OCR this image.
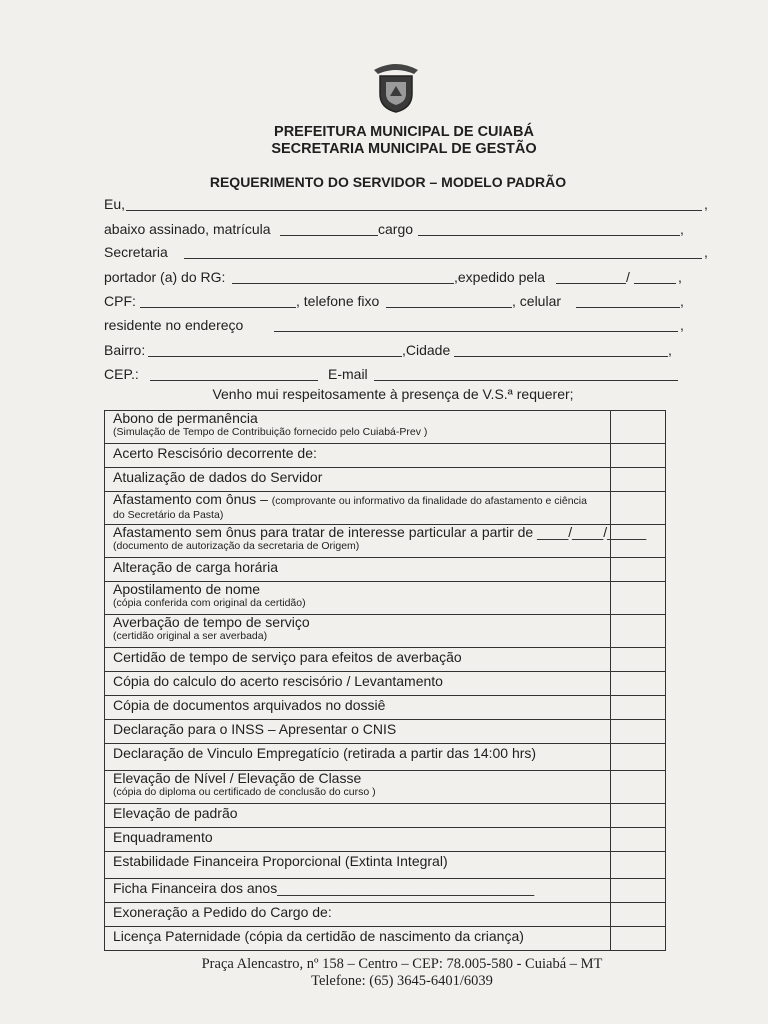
PREFEITURA MUNICIPAL DE CUIABÁ
SECRETARIA MUNICIPAL DE GESTÃO
REQUERIMENTO DO SERVIDOR – MODELO PADRÃO
Eu,	,
abaixo assinado, matrícula	cargo	,
Secretaria	,
portador (a) do RG:	,expedido pela	/	,
CPF:	, telefone fixo	, celular	,
residente no endereço	,
Bairro:	,Cidade	,
CEP.:	E-mail
Venho mui respeitosamente à presença de V.S.ª requerer;
Abono de permanência
(Simulação de Tempo de Contribuição fornecido pelo Cuiabá-Prev )
Acerto Rescisório decorrente de:
Atualização de dados do Servidor
Afastamento com ônus – (comprovante ou informativo da finalidade do afastamento e ciência
do Secretário da Pasta)
Afastamento sem ônus para tratar de interesse particular a partir de ____/____/_____
(documento de autorização da secretaria de Origem)
Alteração de carga horária
Apostilamento de nome
(cópia conferida com original da certidão)
Averbação de tempo de serviço
(certidão original a ser averbada)
Certidão de tempo de serviço para efeitos de averbação
Cópia do calculo do acerto rescisório / Levantamento
Cópia de documentos arquivados no dossiê
Declaração para o INSS – Apresentar o CNIS
Declaração de Vinculo Empregatício (retirada a partir das 14:00 hrs)
Elevação de Nível / Elevação de Classe
(cópia do diploma ou certificado de conclusão do curso )
Elevação de padrão
Enquadramento
Estabilidade Financeira Proporcional (Extinta Integral)
Ficha Financeira dos anos_________________________________
Exoneração a Pedido do Cargo de:
Licença Paternidade (cópia da certidão de nascimento da criança)
Praça Alencastro, nº 158 – Centro – CEP: 78.005-580 - Cuiabá – MT
Telefone: (65) 3645-6401/6039
